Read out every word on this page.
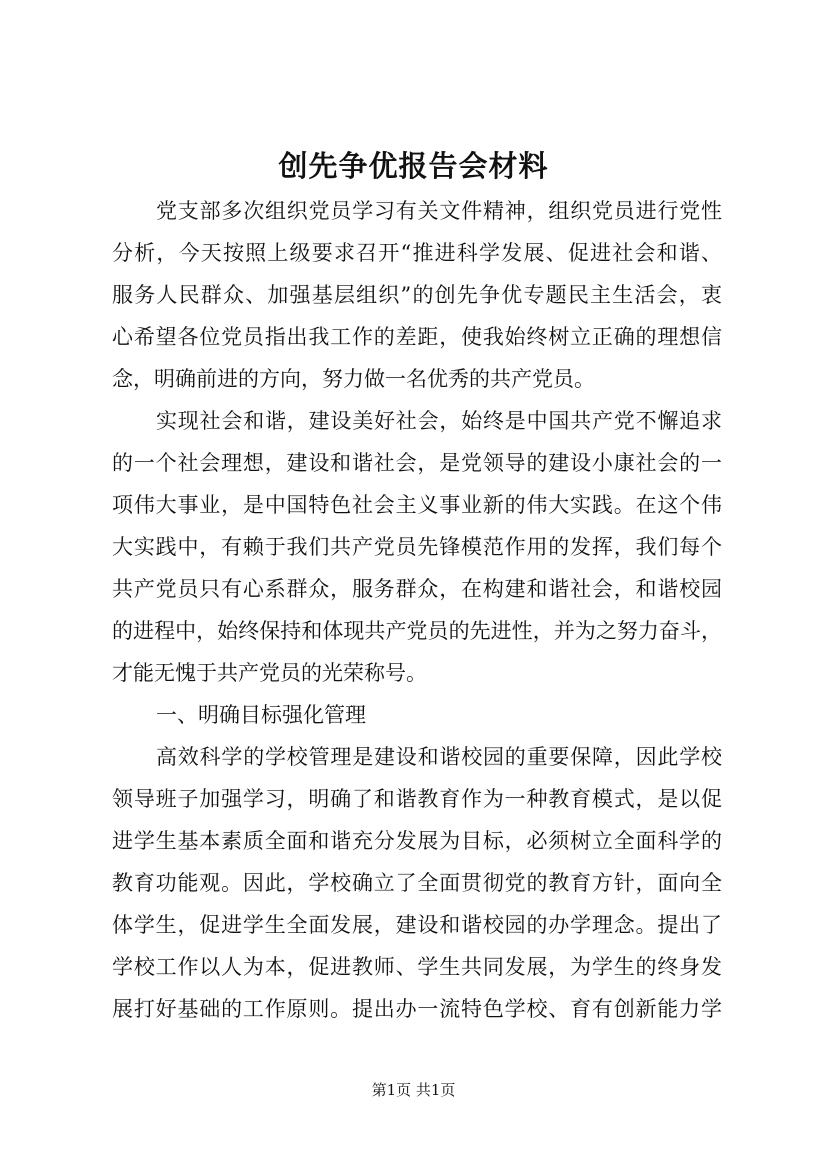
创先争优报告会材料
党支部多次组织党员学习有关文件精神，组织党员进行党性
分析，今天按照上级要求召开“推进科学发展、促进社会和谐、
服务人民群众、加强基层组织”的创先争优专题民主生活会，衷
心希望各位党员指出我工作的差距，使我始终树立正确的理想信
念，明确前进的方向，努力做一名优秀的共产党员。
实现社会和谐，建设美好社会，始终是中国共产党不懈追求
的一个社会理想，建设和谐社会，是党领导的建设小康社会的一
项伟大事业，是中国特色社会主义事业新的伟大实践。在这个伟
大实践中，有赖于我们共产党员先锋模范作用的发挥，我们每个
共产党员只有心系群众，服务群众，在构建和谐社会，和谐校园
的进程中，始终保持和体现共产党员的先进性，并为之努力奋斗，
才能无愧于共产党员的光荣称号。
一、明确目标强化管理
高效科学的学校管理是建设和谐校园的重要保障，因此学校
领导班子加强学习，明确了和谐教育作为一种教育模式，是以促
进学生基本素质全面和谐充分发展为目标，必须树立全面科学的
教育功能观。因此，学校确立了全面贯彻党的教育方针，面向全
体学生，促进学生全面发展，建设和谐校园的办学理念。提出了
学校工作以人为本，促进教师、学生共同发展，为学生的终身发
展打好基础的工作原则。提出办一流特色学校、育有创新能力学
第1页 共1页
